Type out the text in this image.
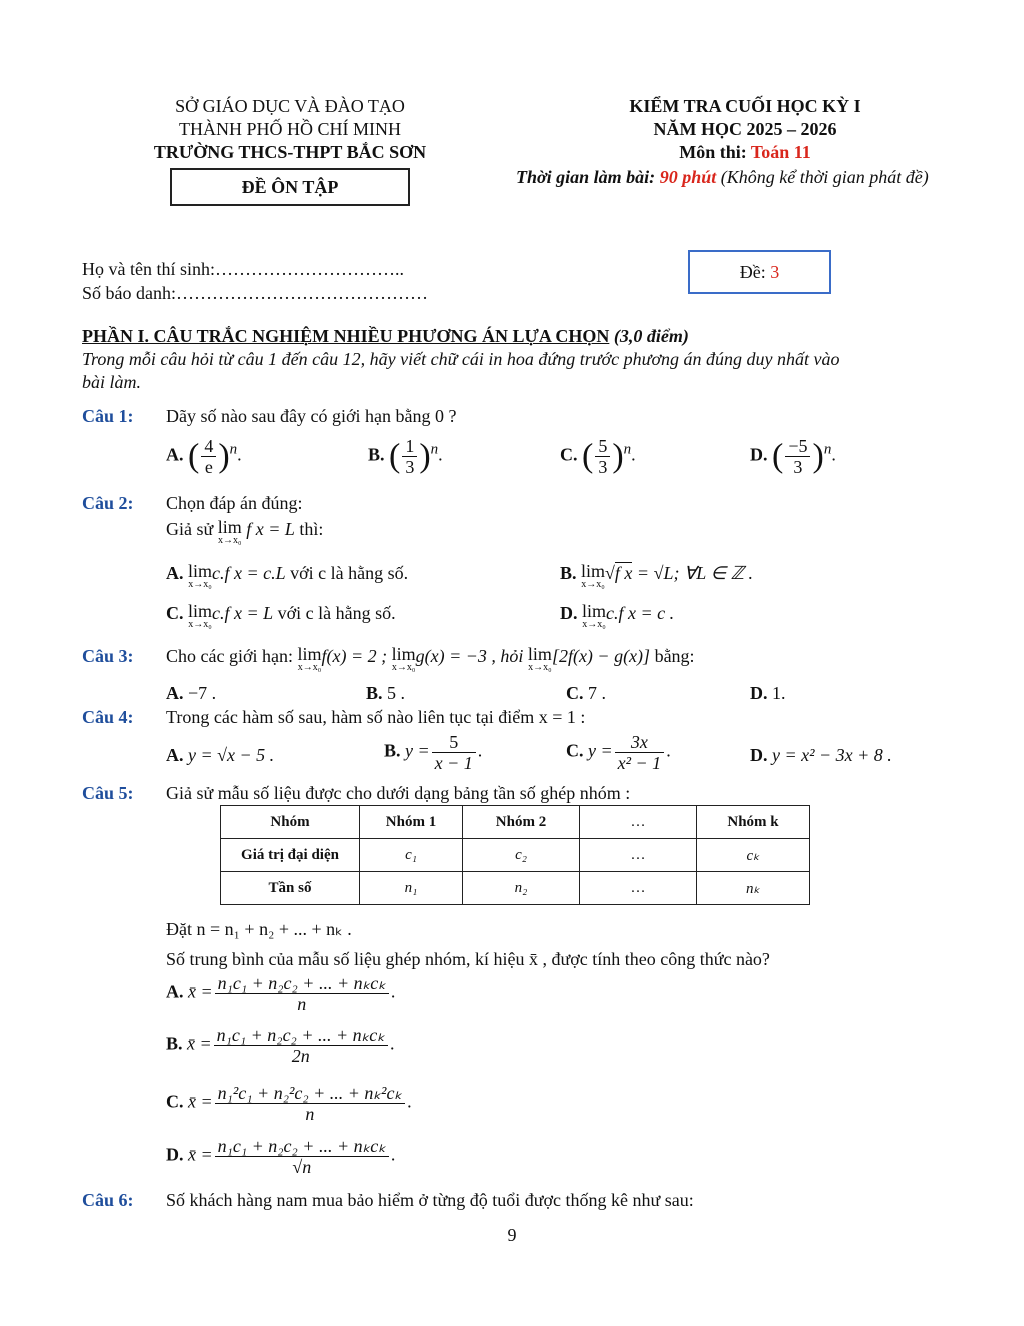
SỞ GIÁO DỤC VÀ ĐÀO TẠO
THÀNH PHỐ HỒ CHÍ MINH
TRƯỜNG THCS-THPT BẮC SƠN
ĐỀ ÔN TẬP
KIỂM TRA CUỐI HỌC KỲ I
NĂM HỌC 2025 – 2026
Môn thi: Toán 11
Thời gian làm bài: 90 phút (Không kể thời gian phát đề)
Họ và tên thí sinh:…………………………..
Số báo danh:……………………………………
Đề: 3
PHẦN I. CÂU TRẮC NGHIỆM NHIỀU PHƯƠNG ÁN LỰA CHỌN (3,0 điểm)
Trong mỗi câu hỏi từ câu 1 đến câu 12, hãy viết chữ cái in hoa đứng trước phương án đúng duy nhất vào
bài làm.
Câu 1: Dãy số nào sau đây có giới hạn bằng 0 ?
A. ( $\frac{4}{e} )^n$.	B. ( $\frac{1}{3} )^n$.	C. ( $\frac{5}{3} )^n$.	D. ( $\frac{-5}{3} )^n$.
Câu 2: Chọn đáp án đúng:
Giả sử lim
x→x₀
f x = L thì:
A. lim
x→x₀
c.f x = c.L với c là hằng số.	B. lim
x→x₀
√f x = √L; ∀L ∈ ℤ .
C. lim
x→x₀
c.f x = L với c là hằng số.	D. lim
x→x₀
c.f x = c .
Câu 3: Cho các giới hạn: lim
x→x₀
f(x) = 2 ; lim
x→x₀
g(x) = −3 , hỏi lim
x→x₀
[2f(x) − g(x)] bằng:
A. −7 .	B. 5 .	C. 7 .	D. 1.
Câu 4: Trong các hàm số sau, hàm số nào liên tục tại điểm x = 1 :
A. y = √x − 5 .	B. $y = \frac{5}{x - 1}$ .	C. $y = \frac{3x}{\text{x² − 1}}$ .	D. y = x² − 3x + 8 .
Câu 5: Giả sử mẫu số liệu được cho dưới dạng bảng tần số ghép nhóm :
Nhóm	Nhóm 1	Nhóm 2	…	Nhóm k
Giá trị đại diện	c₁	c₂	…	cₖ
Tần số	n₁	n₂	…	nₖ
Đặt n = n₁ + n₂ + ... + nₖ .
Số trung bình của mẫu số liệu ghép nhóm, kí hiệu x̄ , được tính theo công thức nào?
A. x̄ = $\frac{\text{n₁c₁ + n₂c₂ + ... + nₖcₖ}}{n}$ .
B. x̄ = $\frac{\text{n₁c₁ + n₂c₂ + ... + nₖcₖ}}{2n}$ .
C. x̄ = $\frac{\text{n₁²c₁ + n₂²c₂ + ... + nₖ²cₖ}}{n}$ .
D. x̄ = $\frac{\text{n₁c₁ + n₂c₂ + ... + nₖcₖ}}{√n}$ .
Câu 6: Số khách hàng nam mua bảo hiểm ở từng độ tuổi được thống kê như sau:
9
